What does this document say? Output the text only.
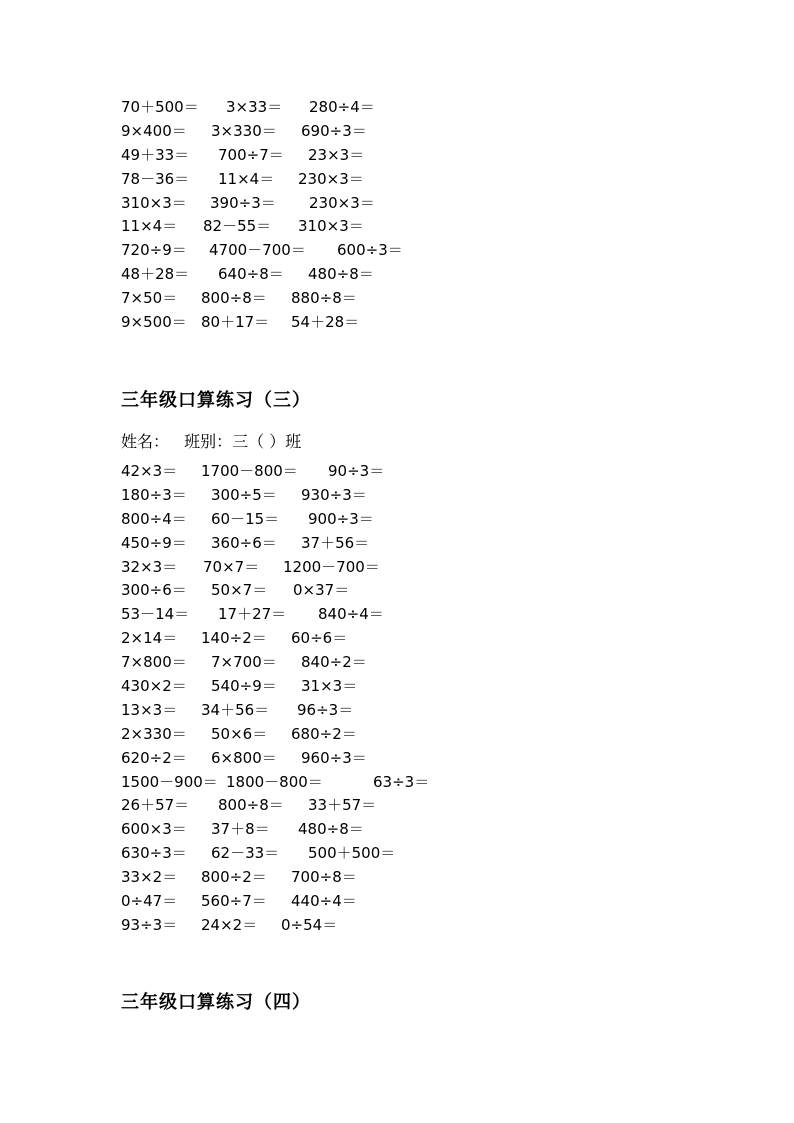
70＋500＝ 3×33＝ 280÷4＝
9×400＝ 3×330＝ 690÷3＝
49＋33＝ 700÷7＝ 23×3＝
78－36＝ 11×4＝ 230×3＝
310×3＝ 390÷3＝ 230×3＝
11×4＝ 82－55＝ 310×3＝
720÷9＝ 4700－700＝ 600÷3＝
48＋28＝ 640÷8＝ 480÷8＝
7×50＝ 800÷8＝ 880÷8＝
9×500＝ 80＋17＝ 54＋28＝
三年级口算练习（三）
姓名： 班别：三（ ）班
42×3＝ 1700－800＝ 90÷3＝
180÷3＝ 300÷5＝ 930÷3＝
800÷4＝ 60－15＝ 900÷3＝
450÷9＝ 360÷6＝ 37＋56＝
32×3＝ 70×7＝ 1200－700＝
300÷6＝ 50×7＝ 0×37＝
53－14＝ 17＋27＝ 840÷4＝
2×14＝ 140÷2＝ 60÷6＝
7×800＝ 7×700＝ 840÷2＝
430×2＝ 540÷9＝ 31×3＝
13×3＝ 34＋56＝ 96÷3＝
2×330＝ 50×6＝ 680÷2＝
620÷2＝ 6×800＝ 960÷3＝
1500－900＝ 1800－800＝	63÷3＝
26＋57＝ 800÷8＝ 33＋57＝
600×3＝ 37＋8＝ 480÷8＝
630÷3＝ 62－33＝ 500＋500＝
33×2＝ 800÷2＝ 700÷8＝
0÷47＝ 560÷7＝ 440÷4＝
93÷3＝ 24×2＝ 0÷54＝
三年级口算练习（四）
